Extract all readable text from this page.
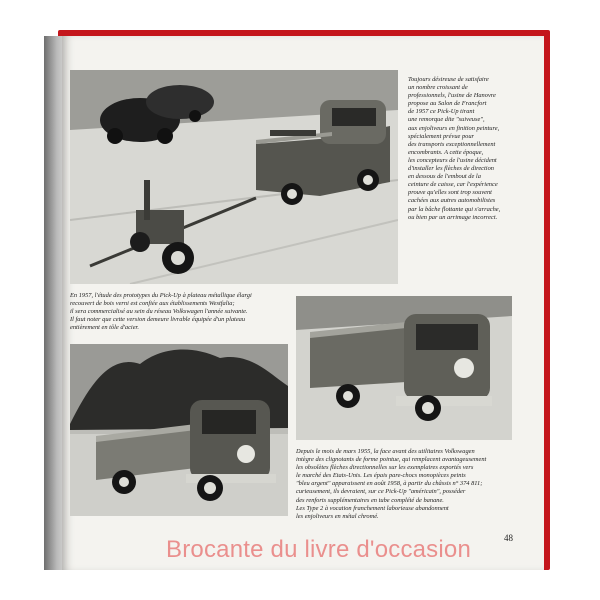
Toujours désireuse de satisfaire
un nombre croissant de
professionnels, l'usine de Hanovre
propose au Salon de Francfort
de 1957 ce Pick-Up tirant
une remorque dite "suiveuse",
aux enjoliveurs en finition peinture,
spécialement prévue pour
des transports exceptionnellement
encombrants. A cette époque,
les concepteurs de l'usine décident
d'installer les flèches de direction
en dessous de l'embout de la
ceinture de caisse, car l'expérience
prouve qu'elles sont trop souvent
cachées aux autres automobilistes
par la bâche flottante qui s'arrache,
ou bien par un arrimage incorrect.
En 1957, l'étude des prototypes du Pick-Up à plateau métallique élargi
recouvert de bois verni est confiée aux établissements Westfalia;
il sera commercialisé au sein du réseau Volkswagen l'année suivante.
Il faut noter que cette version demeure livrable équipée d'un plateau
entièrement en tôle d'acier.
Depuis le mois de mars 1955, la face avant des utilitaires Volkswagen
intègre des clignotants de forme pointue, qui remplacent avantageusement
les obsolètes flèches directionnelles sur les exemplaires exportés vers
le marché des Etats-Unis. Les épais pare-chocs monopièces peints
"bleu argent" apparaissent en août 1958, à partir du châssis n° 374 811;
curieusement, ils devraient, sur ce Pick-Up "américain", posséder
des renforts supplémentaires en tube complété de banane.
Les Type 2 à vocation franchement laborieuse abandonnent
les enjoliveurs en métal chromé.
48
Brocante du livre d'occasion
